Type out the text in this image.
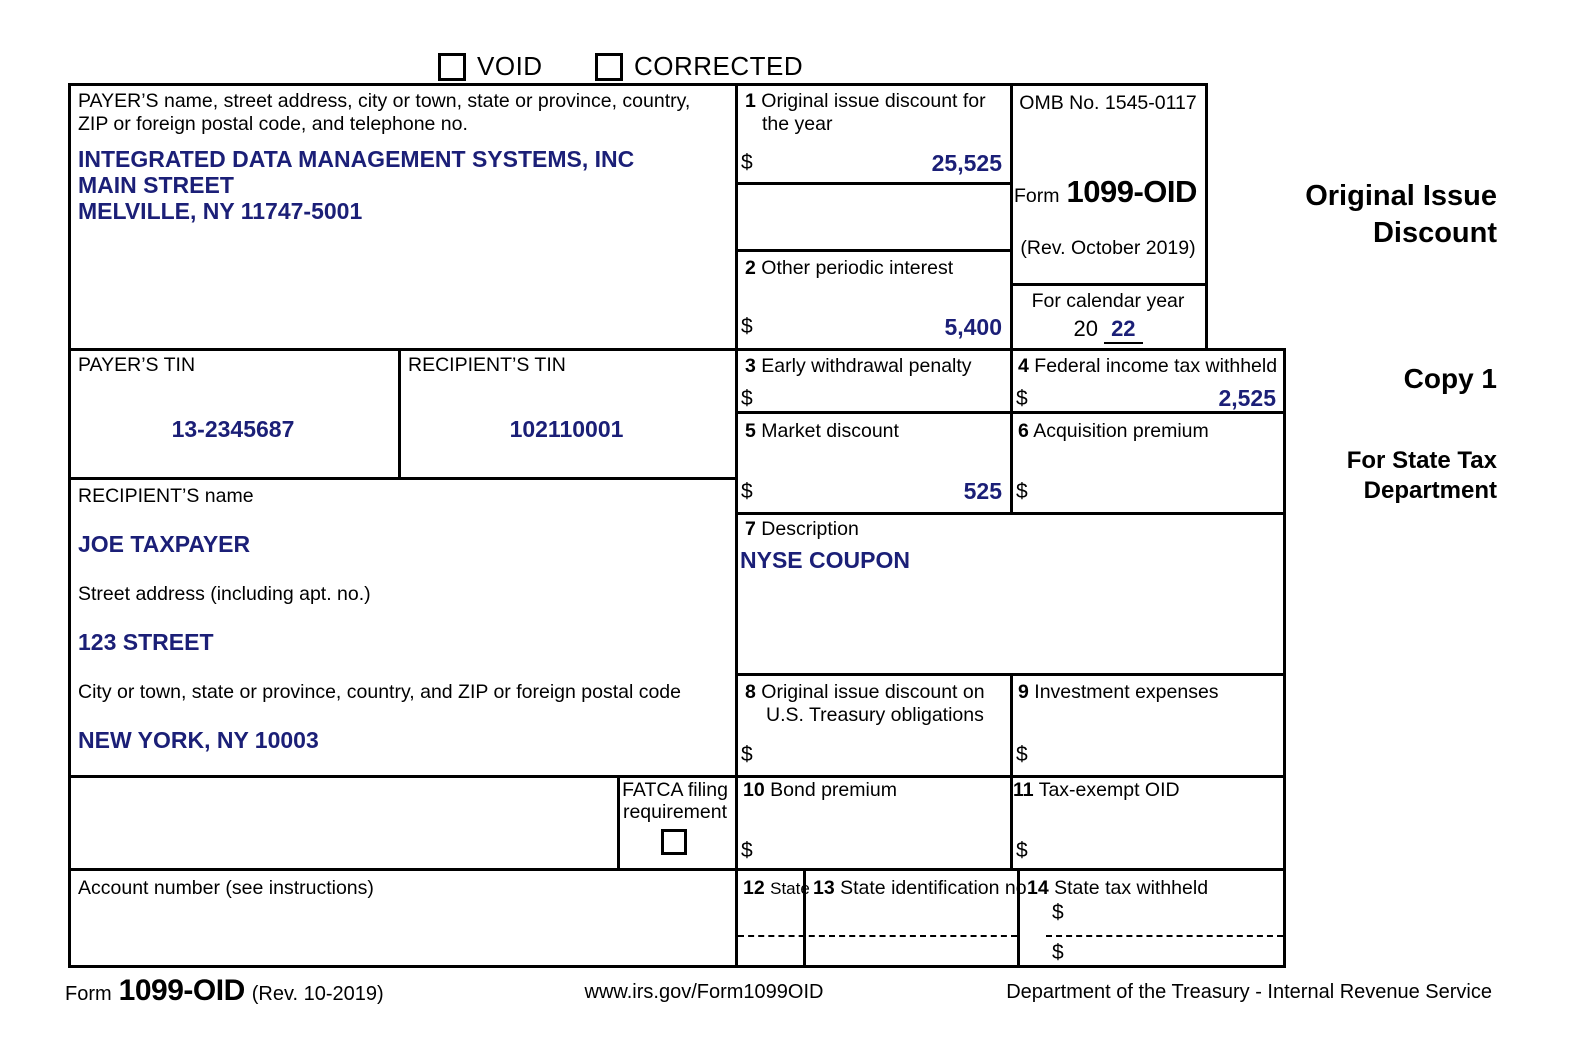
VOID	CORRECTED
PAYER’S name, street address, city or town, state or province, country,
ZIP or foreign postal code, and telephone no.
INTEGRATED DATA MANAGEMENT SYSTEMS, INC
MAIN STREET
MELVILLE, NY 11747-5001
1 Original issue discount for
the year
$	25,525
2 Other periodic interest
$	5,400
OMB No. 1545-0117
Form 1099-OID
(Rev. October 2019)
For calendar year
20 22
Original Issue
Discount
Copy 1
For State Tax
Department
PAYER’S TIN
13-2345687
RECIPIENT’S TIN
102110001
3 Early withdrawal penalty
$
4 Federal income tax withheld
$	2,525
5 Market discount
$	525
6 Acquisition premium
$
7 Description
NYSE COUPON
RECIPIENT’S name
JOE TAXPAYER
Street address (including apt. no.)
123 STREET
City or town, state or province, country, and ZIP or foreign postal code
NEW YORK, NY 10003
8 Original issue discount on
U.S. Treasury obligations
$
9 Investment expenses
$
FATCA filing
requirement
10 Bond premium
$
11 Tax-exempt OID
$
Account number (see instructions)	12 State 13 State identification no.
14 State tax withheld
$
$
Form 1099-OID (Rev. 10-2019)	www.irs.gov/Form1099OID	Department of the Treasury - Internal Revenue Service
